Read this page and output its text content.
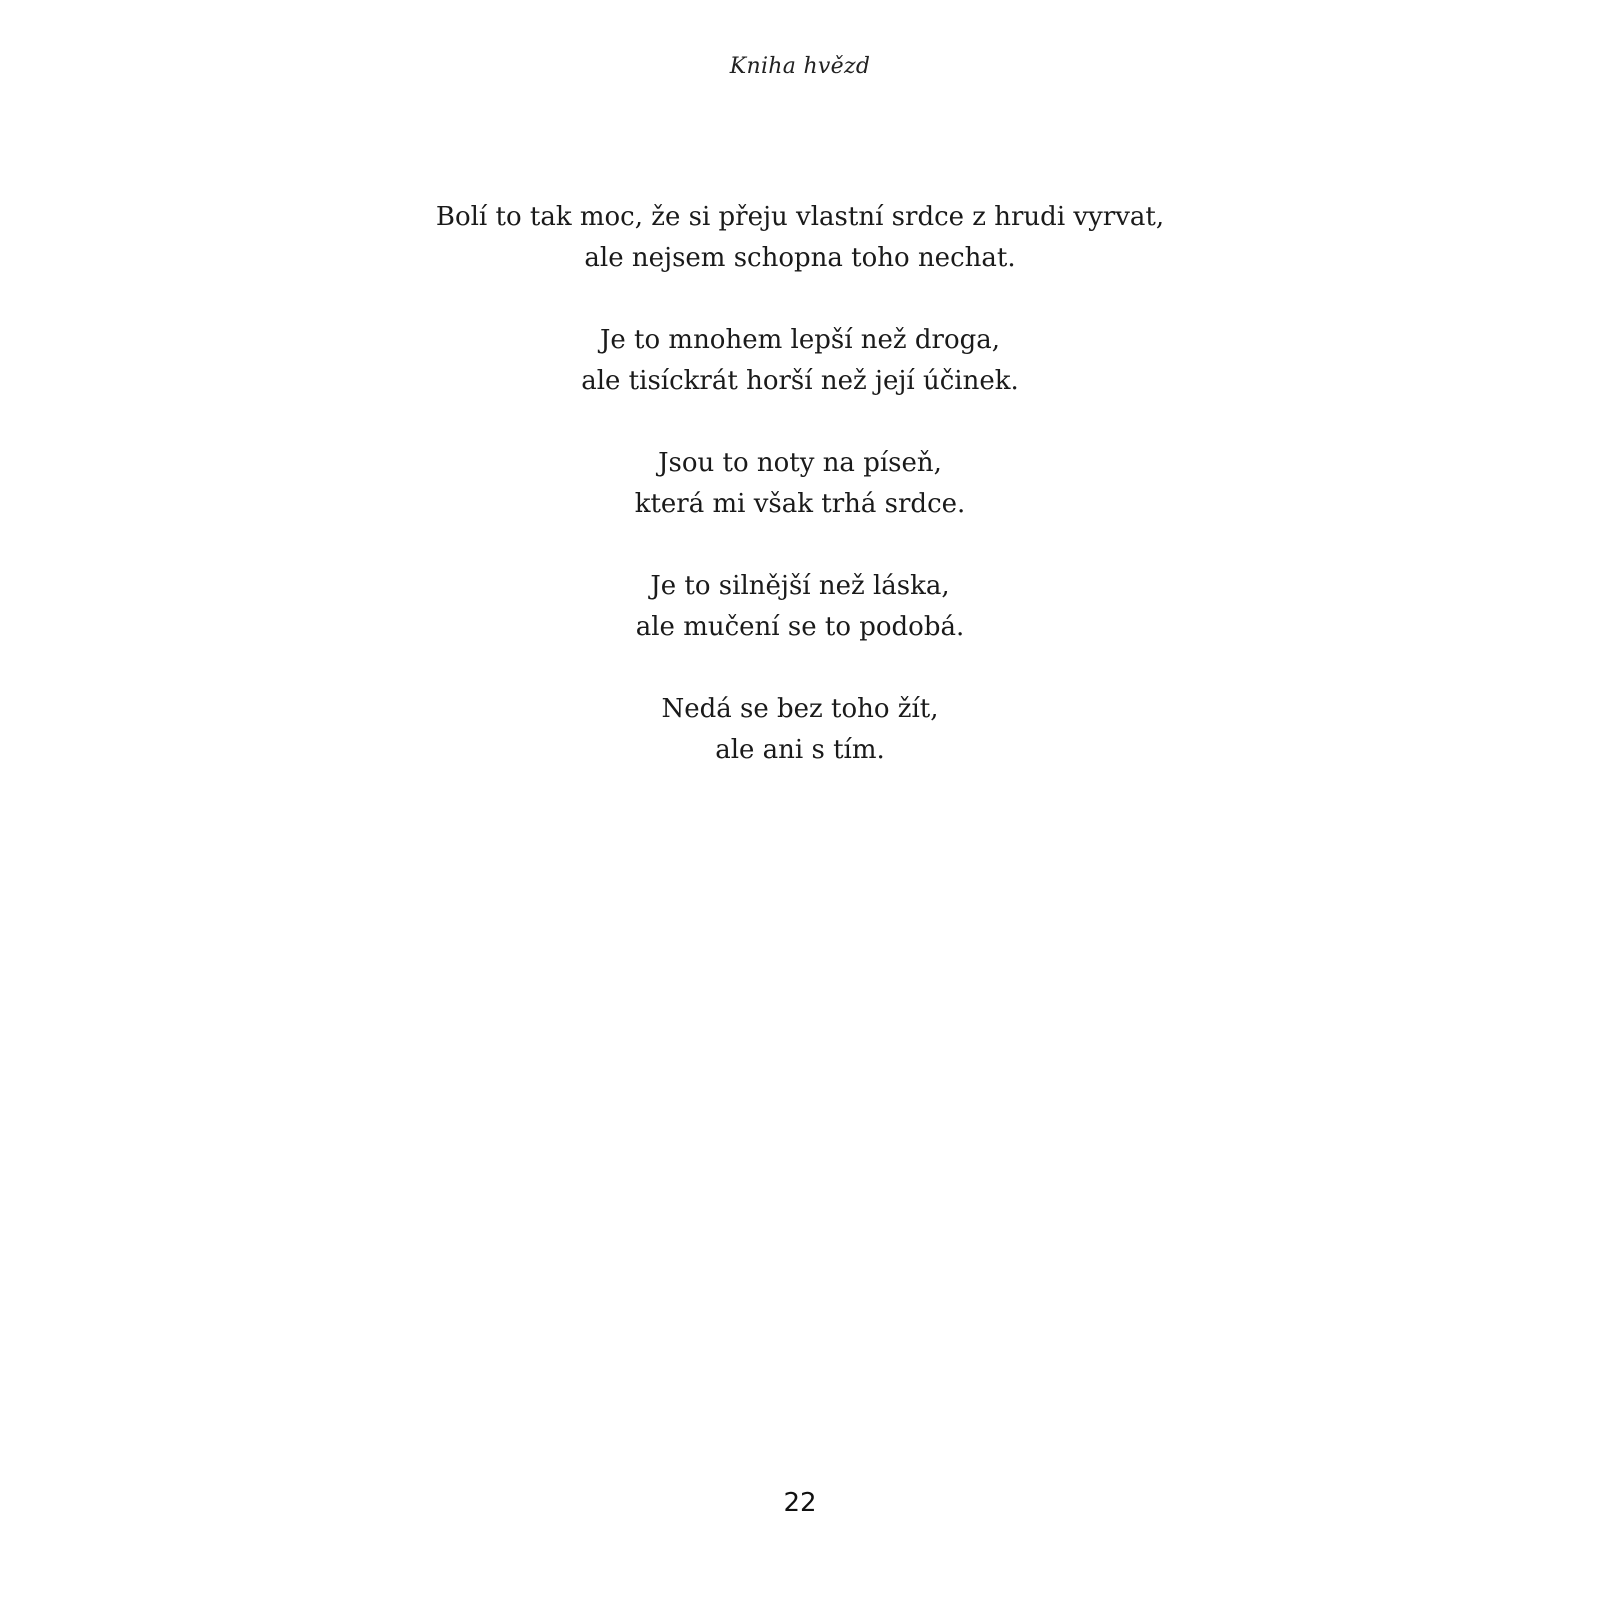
Kniha hvězd
Bolí to tak moc, že si přeju vlastní srdce z hrudi vyrvat,
ale nejsem schopna toho nechat.
Je to mnohem lepší než droga,
ale tisíckrát horší než její účinek.
Jsou to noty na píseň,
která mi však trhá srdce.
Je to silnější než láska,
ale mučení se to podobá.
Nedá se bez toho žít,
ale ani s tím.
22
